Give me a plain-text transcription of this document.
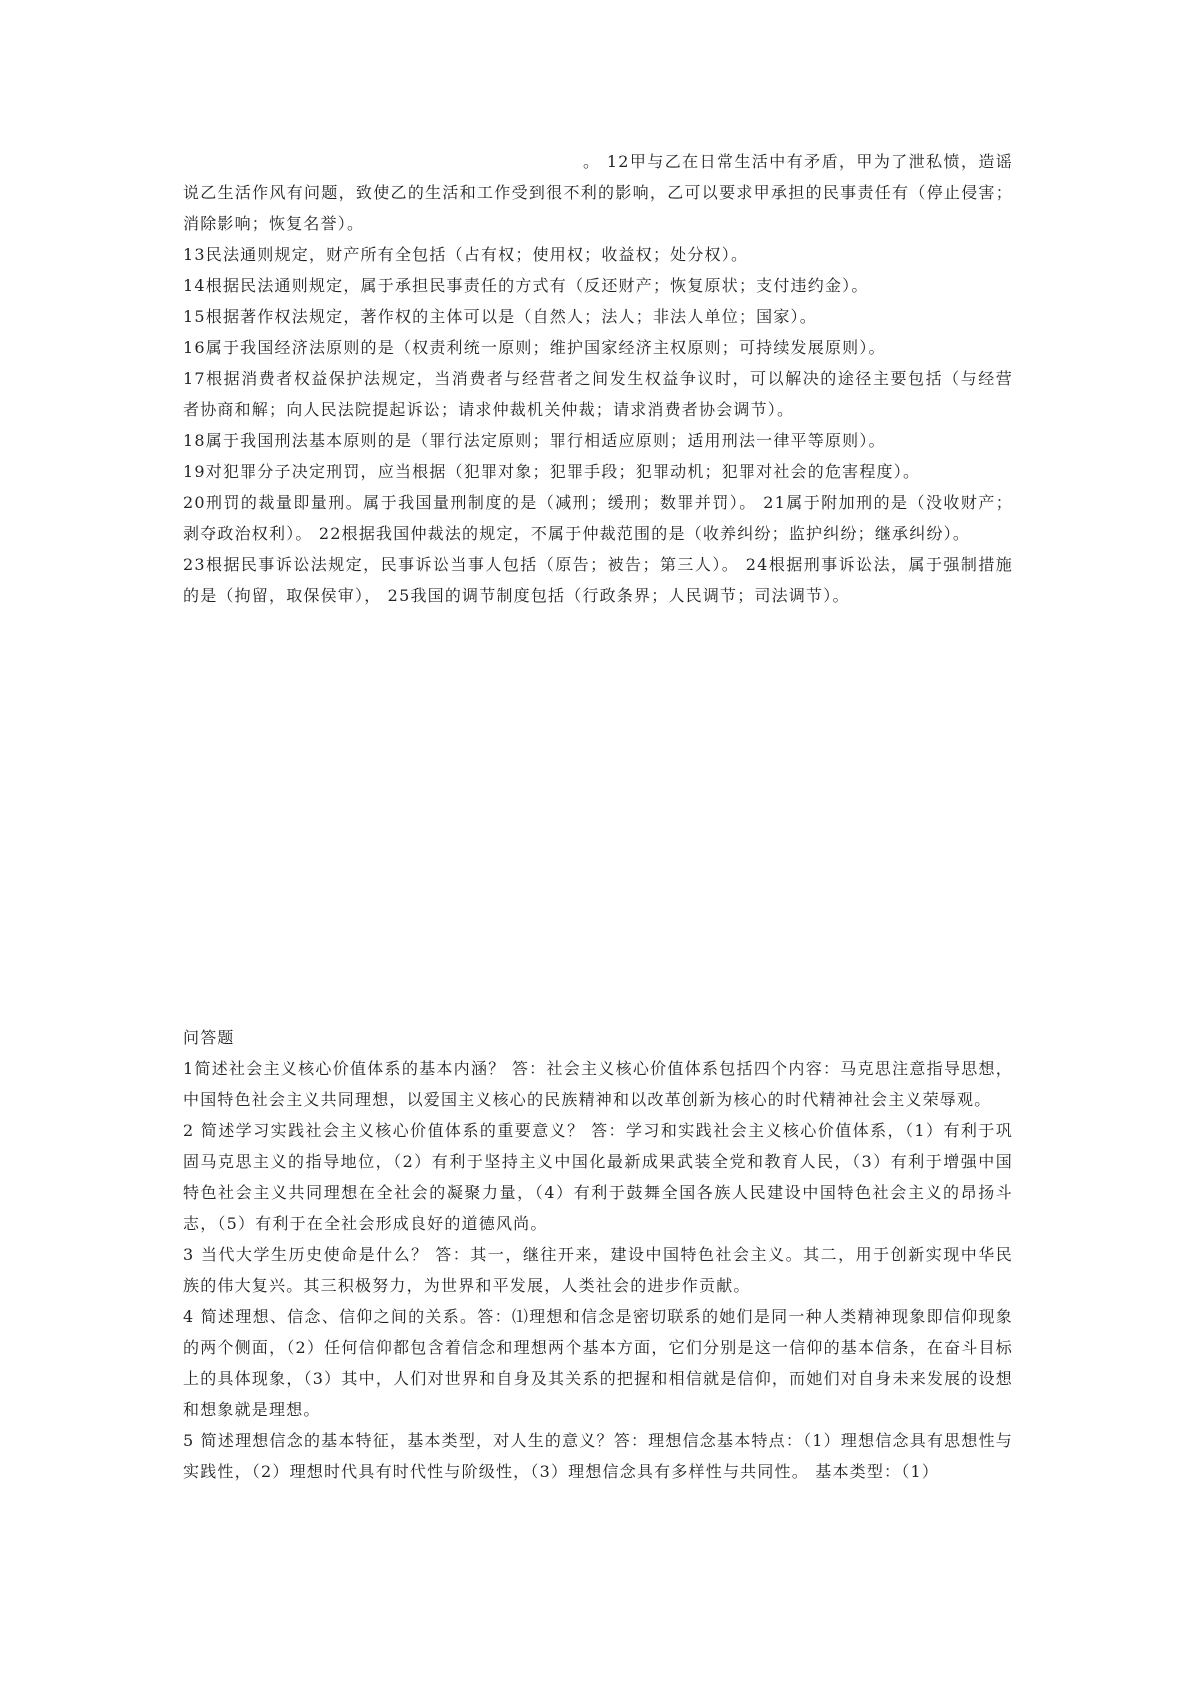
。 12甲与乙在日常生活中有矛盾，甲为了泄私愤，造谣说乙生活作风有问题，致使乙的生活和工作受到很不利的影响，乙可以要求甲承担的民事责任有（停止侵害；消除影响；恢复名誉）。

13民法通则规定，财产所有全包括（占有权；使用权；收益权；处分权）。

14根据民法通则规定，属于承担民事责任的方式有（反还财产；恢复原状；支付违约金）。

15根据著作权法规定，著作权的主体可以是（自然人；法人；非法人单位；国家）。

16属于我国经济法原则的是（权责利统一原则；维护国家经济主权原则；可持续发展原则）。

17根据消费者权益保护法规定，当消费者与经营者之间发生权益争议时，可以解决的途径主要包括（与经营者协商和解；向人民法院提起诉讼；请求仲裁机关仲裁；请求消费者协会调节）。

18属于我国刑法基本原则的是（罪行法定原则；罪行相适应原则；适用刑法一律平等原则）。

19对犯罪分子决定刑罚，应当根据（犯罪对象；犯罪手段；犯罪动机；犯罪对社会的危害程度）。

20刑罚的裁量即量刑。属于我国量刑制度的是（减刑；缓刑；数罪并罚）。 21属于附加刑的是（没收财产；剥夺政治权利）。 22根据我国仲裁法的规定，不属于仲裁范围的是（收养纠纷；监护纠纷；继承纠纷）。

23根据民事诉讼法规定，民事诉讼当事人包括（原告；被告；第三人）。 24根据刑事诉讼法，属于强制措施的是（拘留，取保侯审）， 25我国的调节制度包括（行政条界；人民调节；司法调节）。

问答题

1简述社会主义核心价值体系的基本内涵？ 答：社会主义核心价值体系包括四个内容：马克思注意指导思想，中国特色社会主义共同理想，以爱国主义核心的民族精神和以改革创新为核心的时代精神社会主义荣辱观。

2 简述学习实践社会主义核心价值体系的重要意义？ 答：学习和实践社会主义核心价值体系，（1）有利于巩固马克思主义的指导地位，（2）有利于坚持主义中国化最新成果武装全党和教育人民，（3）有利于增强中国特色社会主义共同理想在全社会的凝聚力量，（4）有利于鼓舞全国各族人民建设中国特色社会主义的昂扬斗志，（5）有利于在全社会形成良好的道德风尚。

3 当代大学生历史使命是什么？ 答：其一，继往开来，建设中国特色社会主义。其二，用于创新实现中华民族的伟大复兴。其三积极努力，为世界和平发展，人类社会的进步作贡献。

4 简述理想、信念、信仰之间的关系。答：⑴理想和信念是密切联系的她们是同一种人类精神现象即信仰现象的两个侧面，（2）任何信仰都包含着信念和理想两个基本方面，它们分别是这一信仰的基本信条，在奋斗目标上的具体现象，（3）其中，人们对世界和自身及其关系的把握和相信就是信仰，而她们对自身未来发展的设想和想象就是理想。

5 简述理想信念的基本特征，基本类型，对人生的意义？答：理想信念基本特点：（1）理想信念具有思想性与实践性，（2）理想时代具有时代性与阶级性，（3）理想信念具有多样性与共同性。 基本类型：（1）
